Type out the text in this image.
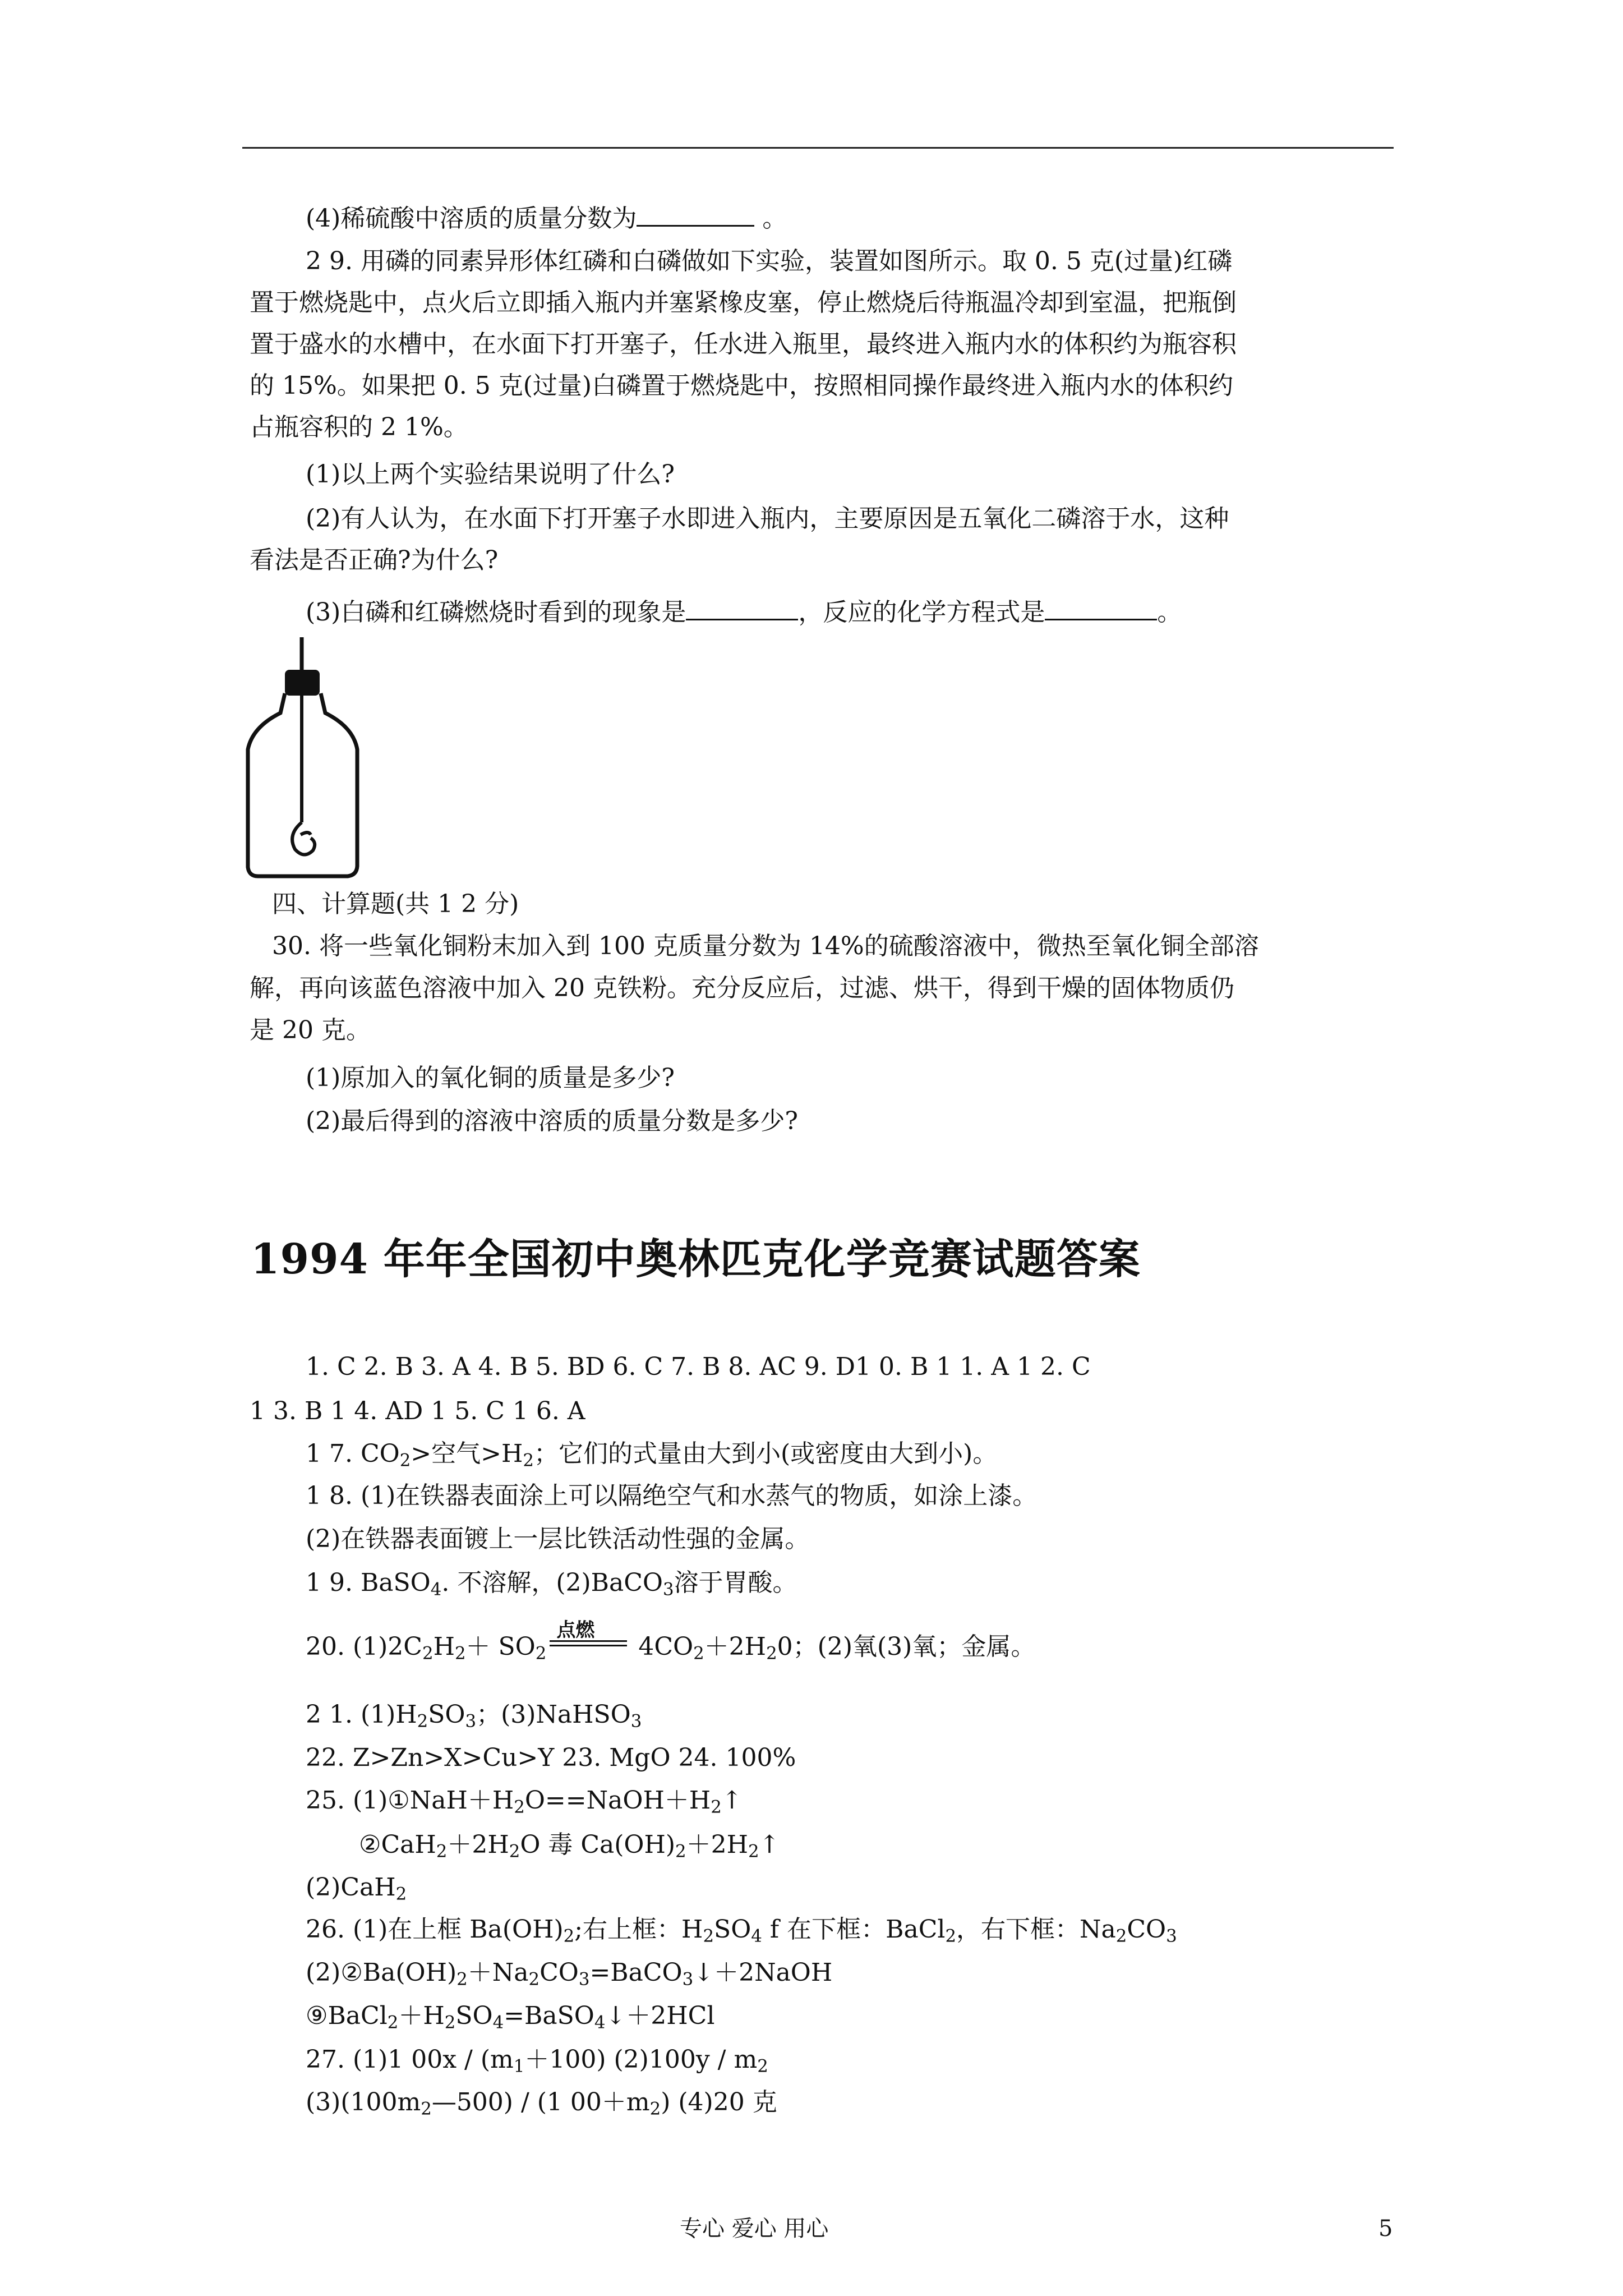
(4)稀硫酸中溶质的质量分数为	。
2 9. 用磷的同素异形体红磷和白磷做如下实验，装置如图所示。取 0. 5 克(过量)红磷
置于燃烧匙中，点火后立即插入瓶内并塞紧橡皮塞，停止燃烧后待瓶温冷却到室温，把瓶倒
置于盛水的水槽中，在水面下打开塞子，任水进入瓶里，最终进入瓶内水的体积约为瓶容积
的 15%。如果把 0. 5 克(过量)白磷置于燃烧匙中，按照相同操作最终进入瓶内水的体积约
占瓶容积的 2 1%。
(1)以上两个实验结果说明了什么?
(2)有人认为，在水面下打开塞子水即进入瓶内，主要原因是五氧化二磷溶于水，这种
看法是否正确?为什么?
(3)白磷和红磷燃烧时看到的现象是	，反应的化学方程式是	。
四、计算题(共 1 2 分)
30. 将一些氧化铜粉末加入到 100 克质量分数为 14%的硫酸溶液中，微热至氧化铜全部溶
解，再向该蓝色溶液中加入 20 克铁粉。充分反应后，过滤、烘干，得到干燥的固体物质仍
是 20 克。
(1)原加入的氧化铜的质量是多少?
(2)最后得到的溶液中溶质的质量分数是多少?
1994 年年全国初中奥林匹克化学竞赛试题答案
1. C 2. B 3. A 4. B 5. BD 6. C 7. B 8. AC 9. D1 0. B 1 1. A 1 2. C
1 3. B 1 4. AD 1 5. C 1 6. A
1 7. $CO_2>$空气$>H_2$；它们的式量由大到小(或密度由大到小)。
1 8. (1)在铁器表面涂上可以隔绝空气和水蒸气的物质，如涂上漆。
(2)在铁器表面镀上一层比铁活动性强的金属。
1 9. BaSO$_4$. 不溶解，(2)BaCO$_3$溶于胃酸。
20. $(1)2C_2H_2+ SO_2$
点燃
$4CO_2+2H_20$；(2)氧(3)氧；金属。
2 1. $(1)H_2SO_3$；(3)NaHSO$_3$
22. Z>Zn>X>Cu>Y 23. MgO 24. 100%
25. $(1)①NaH+H_2O==NaOH+H_2↑$
$②CaH_2+2H_2O$ 毒 $Ca(OH)_2+2H_2↑$
(2)CaH$_2$
26. (1)在上框 $Ba(OH)_2$;右上框：$H_2SO_4$ f 在下框：BaCl$_2$，右下框：$Na_2CO_3$
$(2)②Ba(OH)_2+Na_2CO_3=BaCO_3↓+2NaOH$
$⑨BaCl_2+H_2SO_4=BaSO_4↓+2HCl$
27. (1)1 $00x / (m_1+100)$ $(2)100y / m_2$
$(3)(100m_2—500) / (1$ $00+m_2$) (4)20 克
专心 爱心 用心	5
